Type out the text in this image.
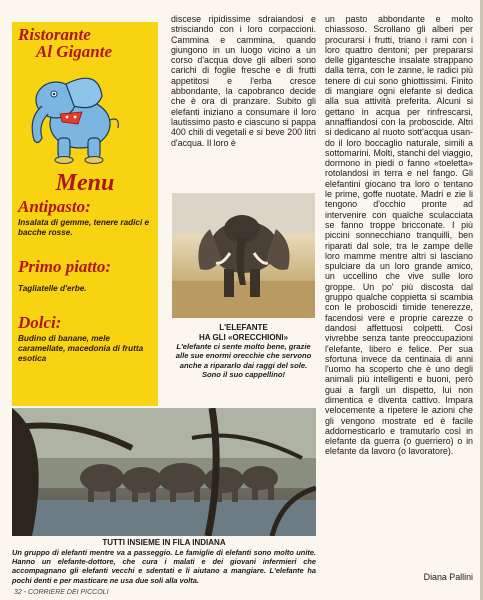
Ristorante
Al Gigante
Menu
Antipasto:

Insalata di gemme, tenere radici e bacche rosse.

Primo piatto:

Tagliatelle d'erbe.

Dolci:

Budino di banane, mele caramellate, macedonia di frutta esotica

discese ripidissime sdraiandosi e strisciando con i loro corpaccioni. Cammina e cammina, quando giungono in un luogo vicino a un corso d'acqua dove gli alberi sono carichi di foglie fresche e di frutti appetitosi e l'erba cresce abbondante, la capobranco decide che è ora di pranzare. Subito gli elefanti iniziano a consumare il loro lautissimo pasto e ciascuno si pappa 400 chili di vegetali e si beve 200 litri d'acqua. Il loro è
L'ELEFANTE
HA GLI «ORECCHIONI»
L'elefante ci sente molto bene, grazie alle sue enormi orecchie che servono anche a ripararlo dai raggi del sole. Sono il suo cappellino!
TUTTI INSIEME IN FILA INDIANA
Un gruppo di elefanti mentre va a passeggio. Le famiglie di elefanti sono molto unite. Hanno un elefante-dottore, che cura i malati e dei giovani infermieri che accompagnano gli elefanti vecchi e sdentati e li aiutano a mangiare. L'elefante ha pochi denti e per masticare ne usa due soli alla volta.
un pasto abbondante e molto chiassoso. Scrollano gli alberi per procurarsi i frutti, triano i rami con i loro quattro dentoni; per prepararsi delle gigantesche insalate strappano dalla terra, con le zanne, le radici più tenere di cui sono ghiottissimi. Finito di mangiare ogni elefante si dedica alla sua attività preferita. Alcuni si gettano in acqua per rinfrescarsi, annaffiandosi con la proboscide. Altri si dedicano al nuoto sott'acqua usando il loro boccaglio naturale, simili a sottomarini. Molti, stanchi del viaggio, dormono in piedi o fanno «toeletta» rotolandosi in terra e nel fango. Gli elefantini giocano tra loro o tentano le prime, goffe nuotate. Madri e zie li tengono d'occhio pronte ad intervenire con qualche sculacciata se fanno troppe bricconate. I più piccini sonnecchiano tranquilli, ben riparati dal sole, tra le zampe delle loro mamme mentre altri si lasciano spulciare da un loro grande amico, un uccellino che vive sulle loro groppe. Un po' più discosta dal gruppo qualche coppietta si scambia con le proboscidi timide tenerezze, facendosi vere e proprie carezze o dandosi affettuosi colpetti. Così vivrebbe senza tante preoccupazioni l'elefante, libero e felice. Per sua sfortuna invece da centinaia di anni l'uomo ha scoperto che è uno degli animali più intelligenti e buoni, però guai a fargli un dispetto, lui non dimentica e diventa cattivo. Impara velocemente a ripetere le azioni che gli vengono mostrate ed è facile addomesticarlo e tramutarlo così in elefante da guerra (o guerriero) o in elefante da lavoro (o lavoratore).
Diana Pallini
32 - CORRIERE DEI PICCOLI
